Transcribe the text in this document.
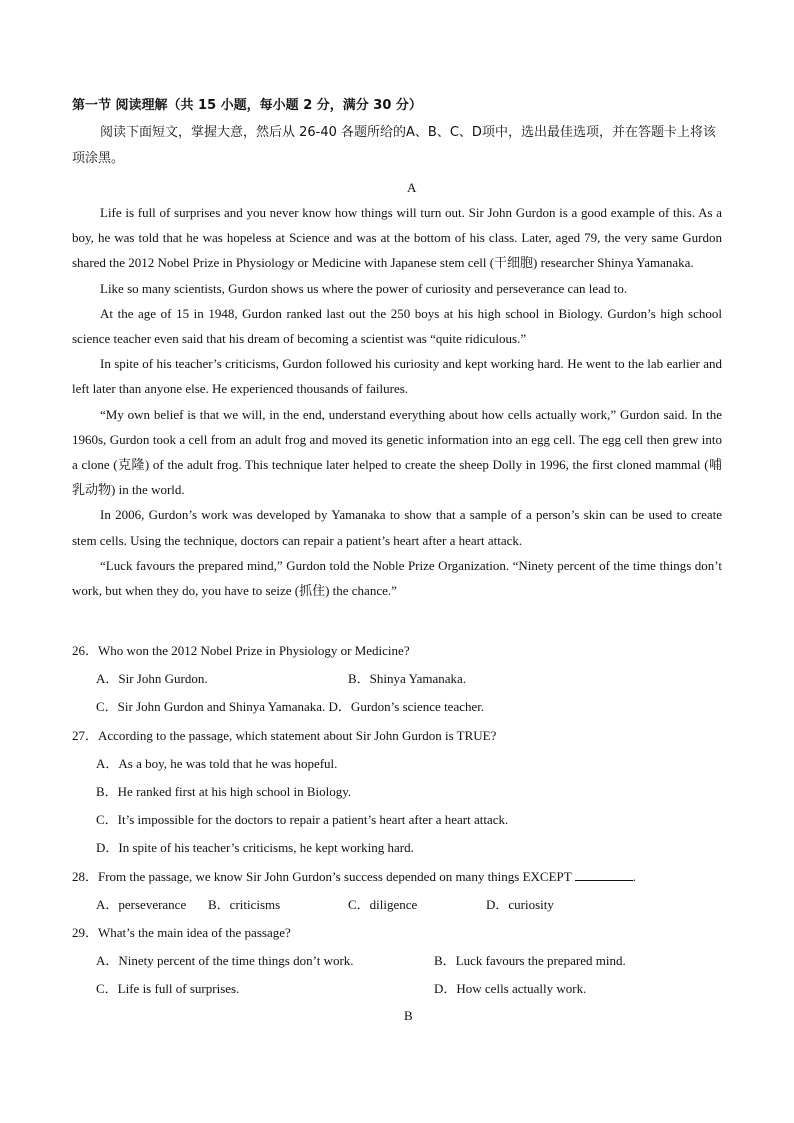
第一节 阅读理解（共 15 小题，每小题 2 分，满分 30 分）
阅读下面短文，掌握大意，然后从 26-40 各题所给的A、B、C、D项中，选出最佳选项，并在答题卡上将该项涂黑。
A

Life is full of surprises and you never know how things will turn out. Sir John Gurdon is a good example of this. As a boy, he was told that he was hopeless at Science and was at the bottom of his class. Later, aged 79, the very same Gurdon shared the 2012 Nobel Prize in Physiology or Medicine with Japanese stem cell (干细胞) researcher Shinya Yamanaka.

Like so many scientists, Gurdon shows us where the power of curiosity and perseverance can lead to.

At the age of 15 in 1948, Gurdon ranked last out the 250 boys at his high school in Biology. Gurdon’s high school science teacher even said that his dream of becoming a scientist was “quite ridiculous.”

In spite of his teacher’s criticisms, Gurdon followed his curiosity and kept working hard. He went to the lab earlier and left later than anyone else. He experienced thousands of failures.

“My own belief is that we will, in the end, understand everything about how cells actually work,” Gurdon said. In the 1960s, Gurdon took a cell from an adult frog and moved its genetic information into an egg cell. The egg cell then grew into a clone (克隆) of the adult frog. This technique later helped to create the sheep Dolly in 1996, the first cloned mammal (哺乳动物) in the world.

In 2006, Gurdon’s work was developed by Yamanaka to show that a sample of a person’s skin can be used to create stem cells. Using the technique, doctors can repair a patient’s heart after a heart attack.

“Luck favours the prepared mind,” Gurdon told the Noble Prize Organization. “Ninety percent of the time things don’t work, but when they do, you have to seize (抓住) the chance.”

26．Who won the 2012 Nobel Prize in Physiology or Medicine?
A．Sir John Gurdon.	B．Shinya Yamanaka.
C．Sir John Gurdon and Shinya Yamanaka. D．Gurdon’s science teacher.
27．According to the passage, which statement about Sir John Gurdon is TRUE?
A．As a boy, he was told that he was hopeful.
B．He ranked first at his high school in Biology.
C．It’s impossible for the doctors to repair a patient’s heart after a heart attack.
D．In spite of his teacher’s criticisms, he kept working hard.
28．From the passage, we know Sir John Gurdon’s success depended on many things EXCEPT	.
A．perseverance B．criticisms	C．diligence	D．curiosity
29．What’s the main idea of the passage?
A．Ninety percent of the time things don’t work.	B．Luck favours the prepared mind.
C．Life is full of surprises.	D．How cells actually work.
B
